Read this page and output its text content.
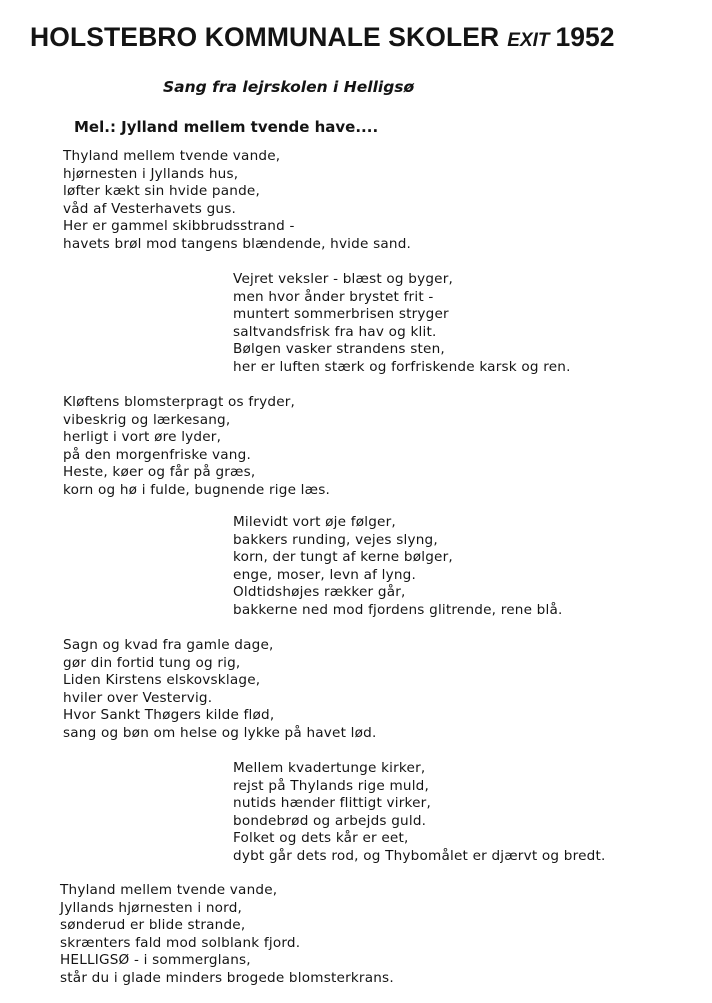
HOLSTEBRO KOMMUNALE SKOLER EXIT 1952
Sang fra lejrskolen i Helligsø
Mel.: Jylland mellem tvende have....
Thyland mellem tvende vande,
hjørnesten i Jyllands hus,
løfter kækt sin hvide pande,
våd af Vesterhavets gus.
Her er gammel skibbrudsstrand -
havets brøl mod tangens blændende, hvide sand.
Vejret veksler - blæst og byger,
men hvor ånder brystet frit -
muntert sommerbrisen stryger
saltvandsfrisk fra hav og klit.
Bølgen vasker strandens sten,
her er luften stærk og forfriskende karsk og ren.
Kløftens blomsterpragt os fryder,
vibeskrig og lærkesang,
herligt i vort øre lyder,
på den morgenfriske vang.
Heste, køer og får på græs,
korn og hø i fulde, bugnende rige læs.
Milevidt vort øje følger,
bakkers runding, vejes slyng,
korn, der tungt af kerne bølger,
enge, moser, levn af lyng.
Oldtidshøjes rækker går,
bakkerne ned mod fjordens glitrende, rene blå.
Sagn og kvad fra gamle dage,
gør din fortid tung og rig,
Liden Kirstens elskovsklage,
hviler over Vestervig.
Hvor Sankt Thøgers kilde flød,
sang og bøn om helse og lykke på havet lød.
Mellem kvadertunge kirker,
rejst på Thylands rige muld,
nutids hænder flittigt virker,
bondebrød og arbejds guld.
Folket og dets kår er eet,
dybt går dets rod, og Thybomålet er djærvt og bredt.
Thyland mellem tvende vande,
Jyllands hjørnesten i nord,
sønderud er blide strande,
skrænters fald mod solblank fjord.
HELLIGSØ - i sommerglans,
står du i glade minders brogede blomsterkrans.
